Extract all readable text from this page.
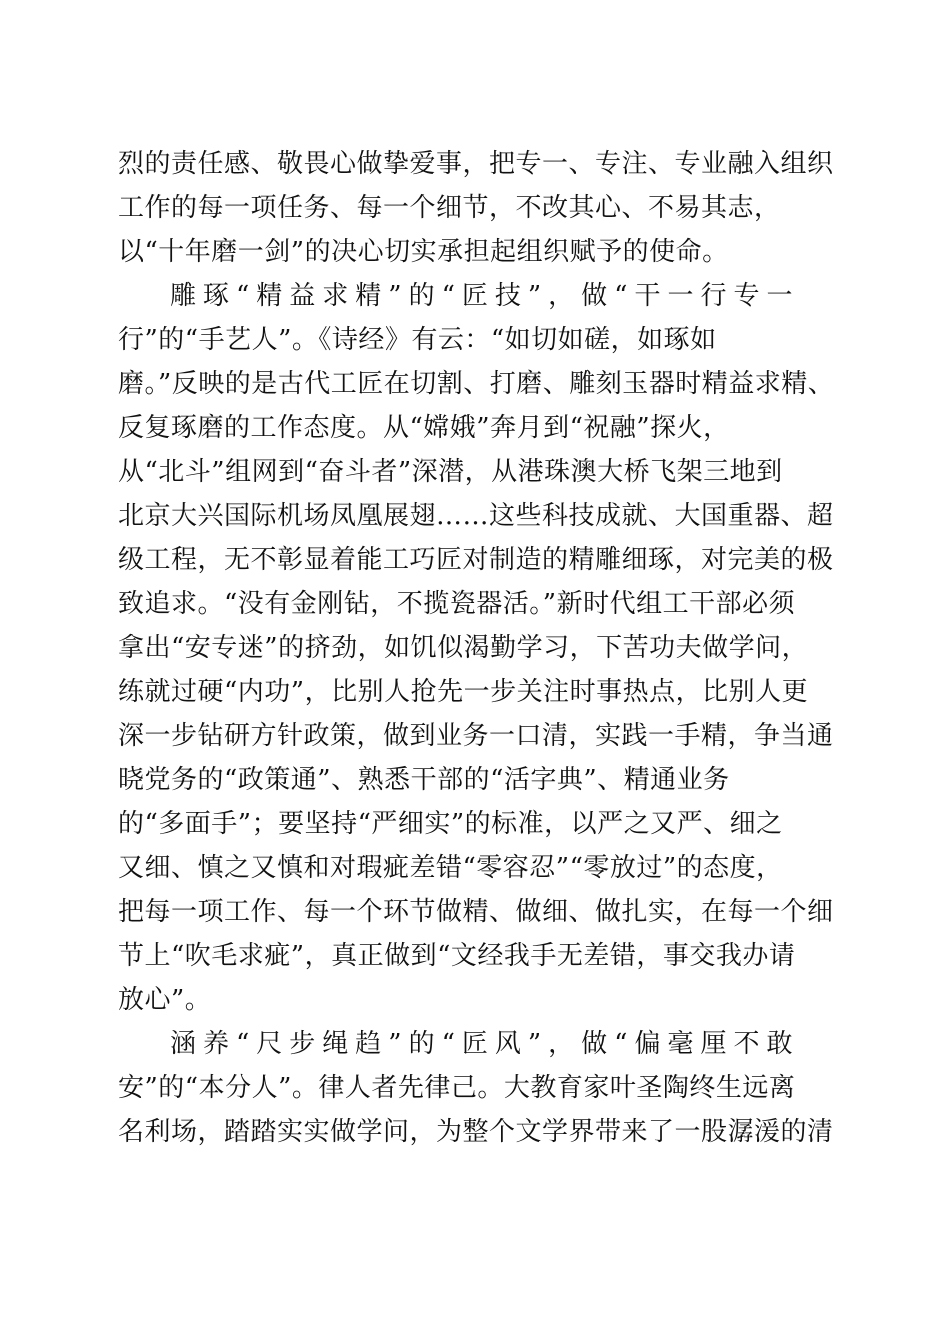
烈的责任感、敬畏心做挚爱事，把专一、专注、专业融入组织
工作的每一项任务、每一个细节，不改其心、不易其志，
以“十年磨一剑”的决心切实承担起组织赋予的使命。
雕琢“精益求精”的“匠技”，做“干一行专一
行”的“手艺人”。《诗经》有云：“如切如磋，如琢如
磨。”反映的是古代工匠在切割、打磨、雕刻玉器时精益求精、
反复琢磨的工作态度。从“嫦娥”奔月到“祝融”探火，
从“北斗”组网到“奋斗者”深潜，从港珠澳大桥飞架三地到
北京大兴国际机场凤凰展翅……这些科技成就、大国重器、超
级工程，无不彰显着能工巧匠对制造的精雕细琢，对完美的极
致追求。“没有金刚钻，不揽瓷器活。”新时代组工干部必须
拿出“安专迷”的挤劲，如饥似渴勤学习，下苦功夫做学问，
练就过硬“内功”，比别人抢先一步关注时事热点，比别人更
深一步钻研方针政策，做到业务一口清，实践一手精，争当通
晓党务的“政策通”、熟悉干部的“活字典”、精通业务
的“多面手”；要坚持“严细实”的标准，以严之又严、细之
又细、慎之又慎和对瑕疵差错“零容忍”“零放过”的态度，
把每一项工作、每一个环节做精、做细、做扎实，在每一个细
节上“吹毛求疵”，真正做到“文经我手无差错，事交我办请
放心”。
涵养“尺步绳趋”的“匠风”，做“偏毫厘不敢
安”的“本分人”。律人者先律己。大教育家叶圣陶终生远离
名利场，踏踏实实做学问，为整个文学界带来了一股潺湲的清
